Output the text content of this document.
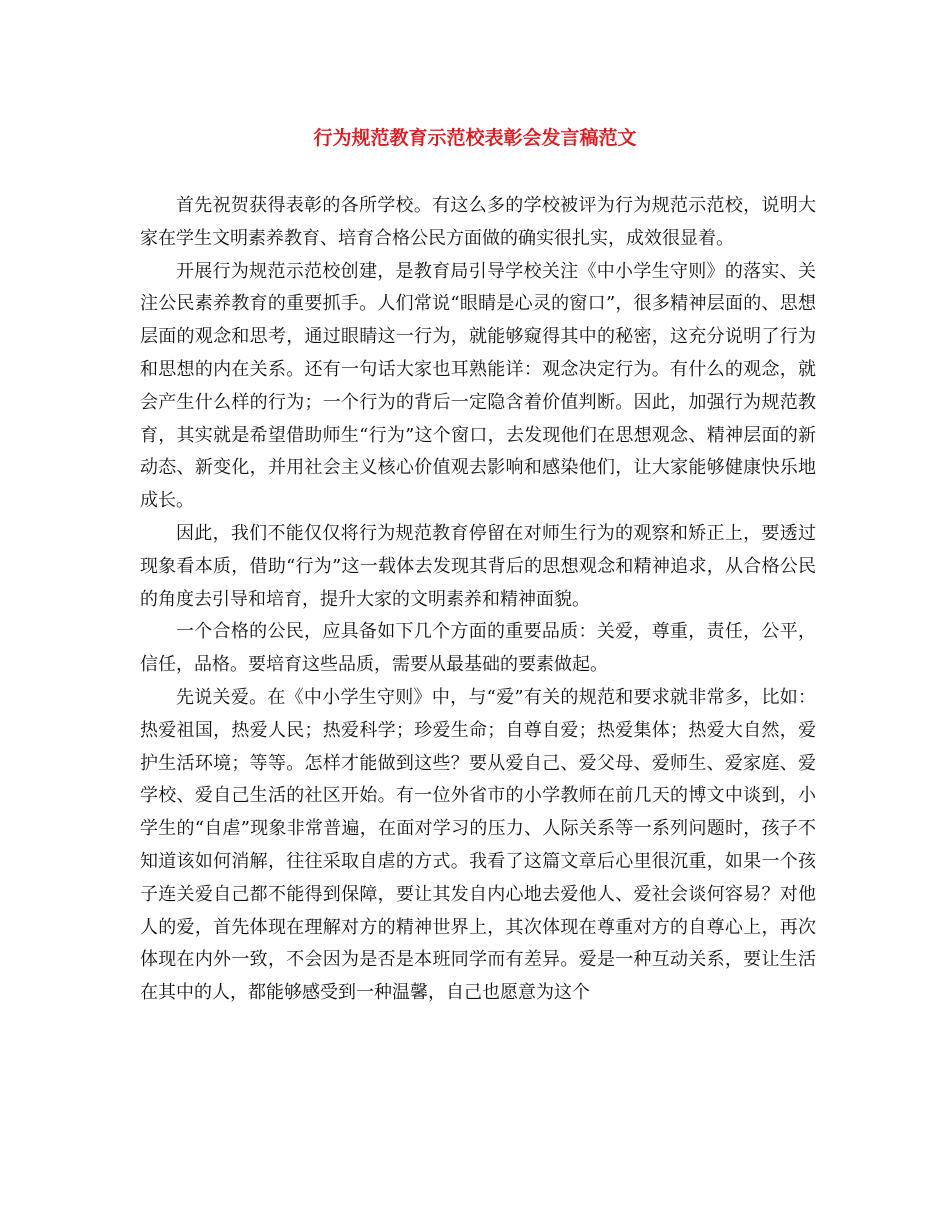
行为规范教育示范校表彰会发言稿范文

首先祝贺获得表彰的各所学校。有这么多的学校被评为行为规范示范校，说明大家在学生文明素养教育、培育合格公民方面做的确实很扎实，成效很显着。

开展行为规范示范校创建，是教育局引导学校关注《中小学生守则》的落实、关注公民素养教育的重要抓手。人们常说“眼睛是心灵的窗口”，很多精神层面的、思想层面的观念和思考，通过眼睛这一行为，就能够窥得其中的秘密，这充分说明了行为和思想的内在关系。还有一句话大家也耳熟能详：观念决定行为。有什么的观念，就会产生什么样的行为；一个行为的背后一定隐含着价值判断。因此，加强行为规范教育，其实就是希望借助师生“行为”这个窗口，去发现他们在思想观念、精神层面的新动态、新变化，并用社会主义核心价值观去影响和感染他们，让大家能够健康快乐地成长。

因此，我们不能仅仅将行为规范教育停留在对师生行为的观察和矫正上，要透过现象看本质，借助“行为”这一载体去发现其背后的思想观念和精神追求，从合格公民的角度去引导和培育，提升大家的文明素养和精神面貌。

一个合格的公民，应具备如下几个方面的重要品质：关爱，尊重，责任，公平，信任，品格。要培育这些品质，需要从最基础的要素做起。

先说关爱。在《中小学生守则》中，与“爱”有关的规范和要求就非常多，比如：热爱祖国，热爱人民；热爱科学；珍爱生命；自尊自爱；热爱集体；热爱大自然，爱护生活环境；等等。怎样才能做到这些？要从爱自己、爱父母、爱师生、爱家庭、爱学校、爱自己生活的社区开始。有一位外省市的小学教师在前几天的博文中谈到，小学生的“自虐”现象非常普遍，在面对学习的压力、人际关系等一系列问题时，孩子不知道该如何消解，往往采取自虐的方式。我看了这篇文章后心里很沉重，如果一个孩子连关爱自己都不能得到保障，要让其发自内心地去爱他人、爱社会谈何容易？对他人的爱，首先体现在理解对方的精神世界上，其次体现在尊重对方的自尊心上，再次体现在内外一致，不会因为是否是本班同学而有差异。爱是一种互动关系，要让生活在其中的人，都能够感受到一种温馨，自己也愿意为这个
